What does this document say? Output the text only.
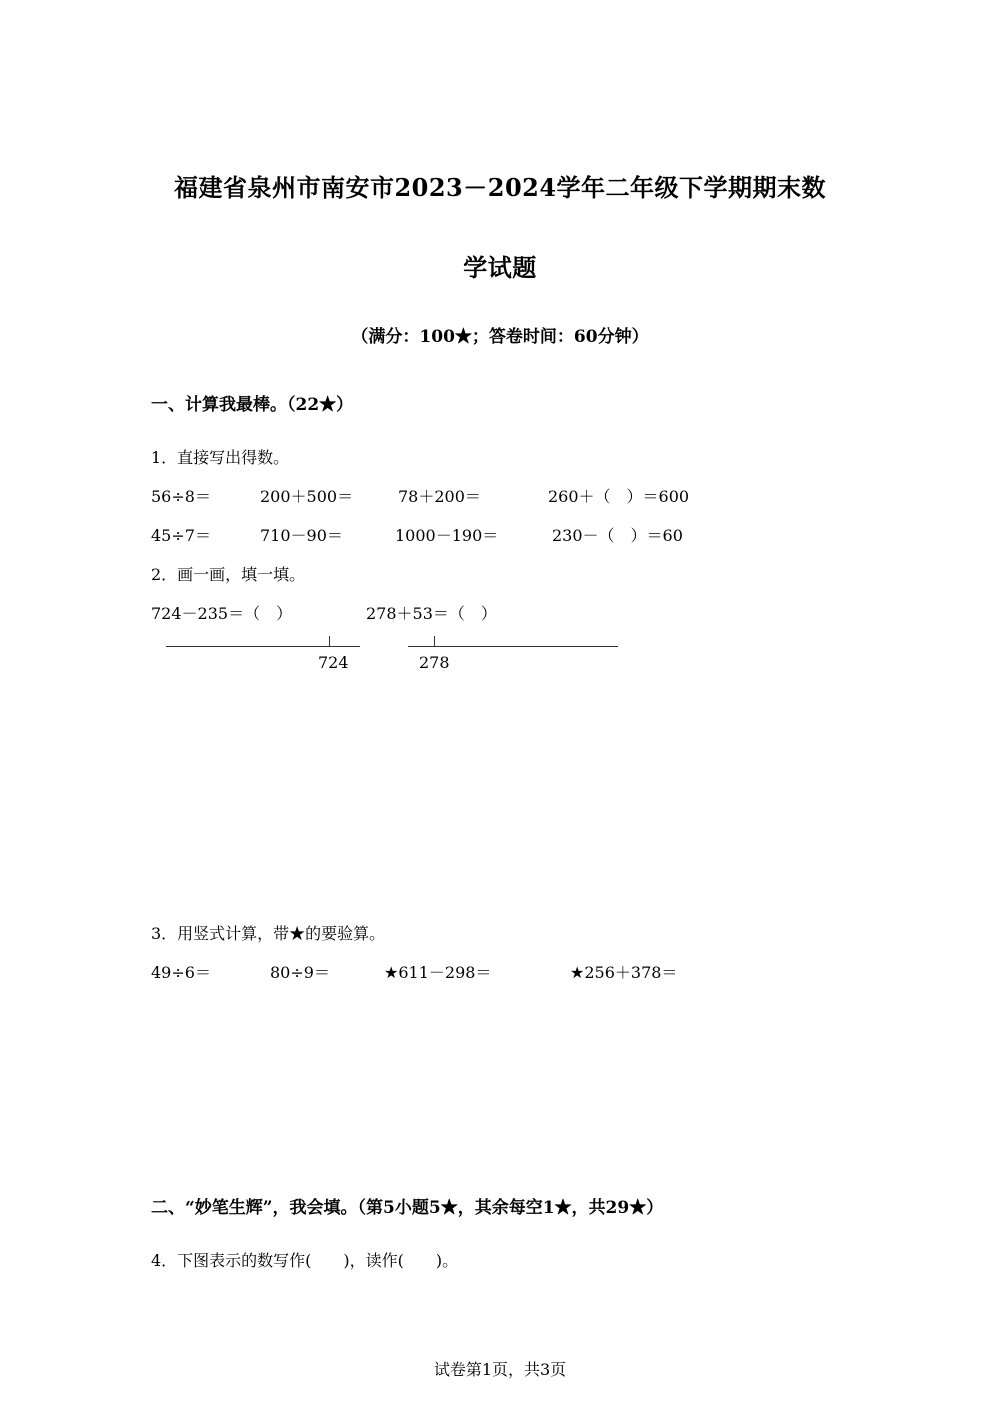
福建省泉州市南安市2023－2024学年二年级下学期期末数
学试题
（满分：100★；答卷时间：60分钟）
一、计算我最棒。（22★）
1．直接写出得数。
56÷8＝	200＋500＝	78＋200＝	260＋（　）＝600
45÷7＝	710－90＝	1000－190＝	230－（　）＝60
2．画一画，填一填。
724－235＝（　）	278＋53＝（　）
724	278
3．用竖式计算，带★的要验算。
49÷6＝	80÷9＝	★611－298＝	★256＋378＝
二、“妙笔生辉”，我会填。（第5小题5★，其余每空1★，共29★）
4．下图表示的数写作(　　)，读作(　　)。
试卷第1页，共3页
